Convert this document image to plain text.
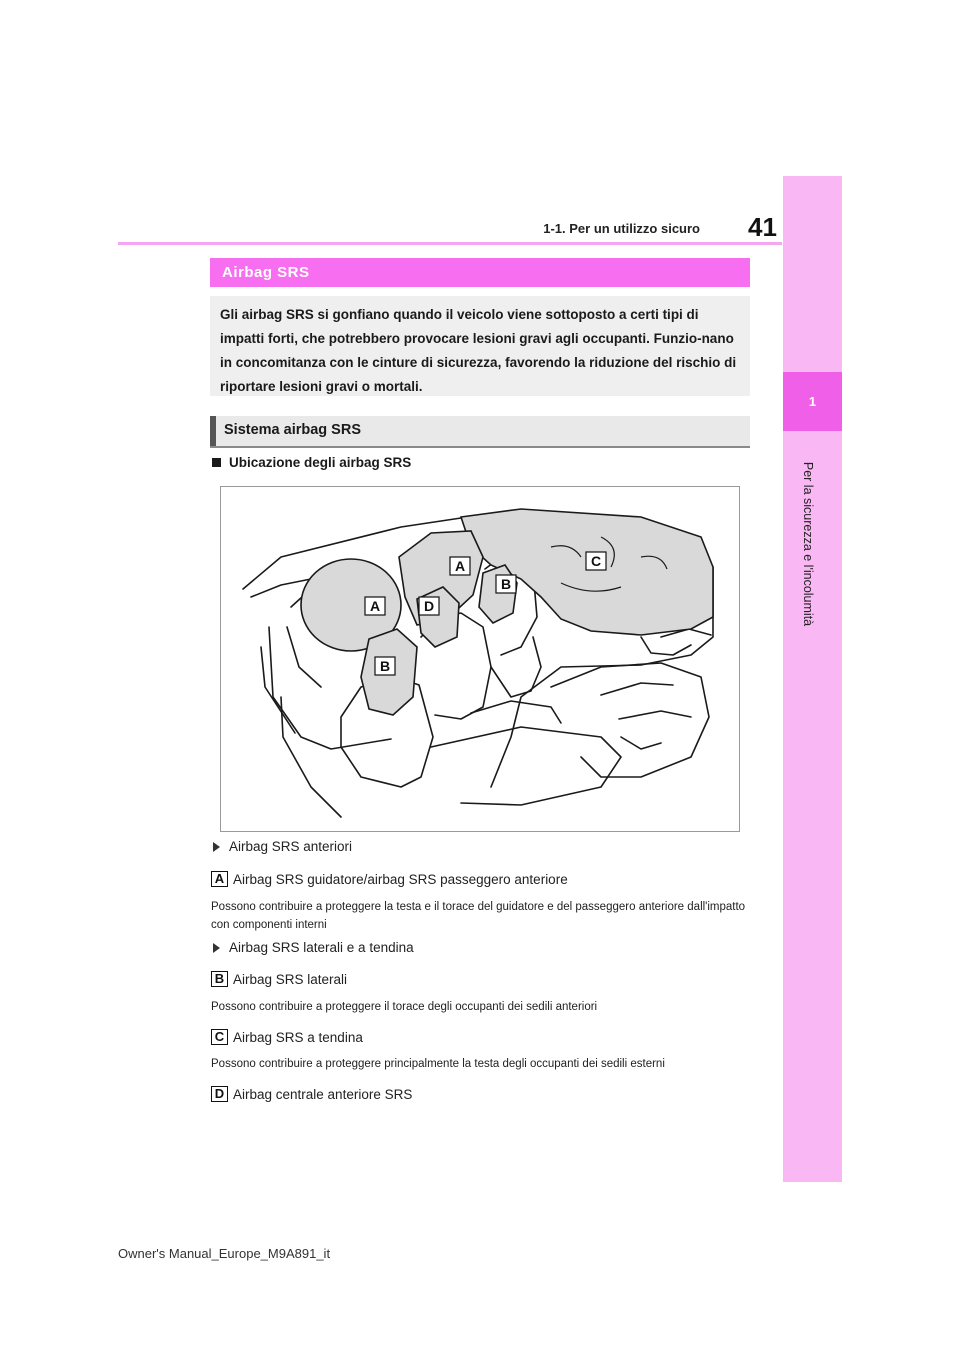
1-1. Per un utilizzo sicuro 41
1
Per la sicurezza e l'incolumità
Airbag SRS
Gli airbag SRS si gonfiano quando il veicolo viene sottoposto a certi tipi di impatti forti, che potrebbero provocare lesioni gravi agli occupanti. Funzio-nano in concomitanza con le cinture di sicurezza, favorendo la riduzione del rischio di riportare lesioni gravi o mortali.
Sistema airbag SRS
Ubicazione degli airbag SRS
A
A
B
B
C
D
Airbag SRS anteriori
A Airbag SRS guidatore/airbag SRS passeggero anteriore
Possono contribuire a proteggere la testa e il torace del guidatore e del passeggero anteriore dall'impatto con componenti interni
Airbag SRS laterali e a tendina
B Airbag SRS laterali
Possono contribuire a proteggere il torace degli occupanti dei sedili anteriori
C Airbag SRS a tendina
Possono contribuire a proteggere principalmente la testa degli occupanti dei sedili esterni
D Airbag centrale anteriore SRS
Owner's Manual_Europe_M9A891_it
